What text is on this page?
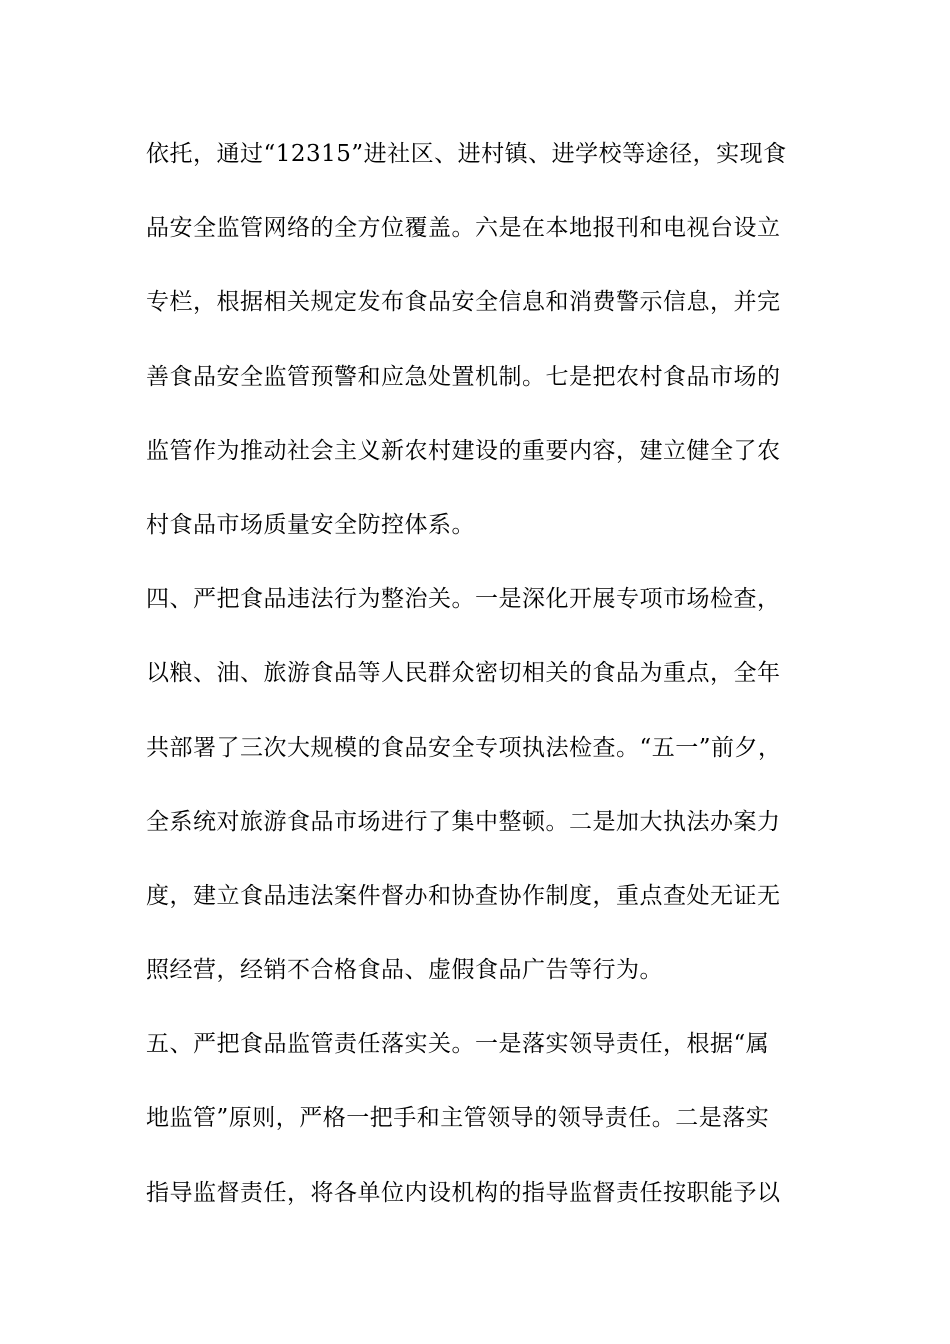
依托，通过“12315”进社区、进村镇、进学校等途径，实现食
品安全监管网络的全方位覆盖。六是在本地报刊和电视台设立
专栏，根据相关规定发布食品安全信息和消费警示信息，并完
善食品安全监管预警和应急处置机制。七是把农村食品市场的
监管作为推动社会主义新农村建设的重要内容，建立健全了农
村食品市场质量安全防控体系。
四、严把食品违法行为整治关。一是深化开展专项市场检查，
以粮、油、旅游食品等人民群众密切相关的食品为重点，全年
共部署了三次大规模的食品安全专项执法检查。“五一”前夕，
全系统对旅游食品市场进行了集中整顿。二是加大执法办案力
度，建立食品违法案件督办和协查协作制度，重点查处无证无
照经营，经销不合格食品、虚假食品广告等行为。
五、严把食品监管责任落实关。一是落实领导责任，根据“属
地监管”原则，严格一把手和主管领导的领导责任。二是落实
指导监督责任，将各单位内设机构的指导监督责任按职能予以
